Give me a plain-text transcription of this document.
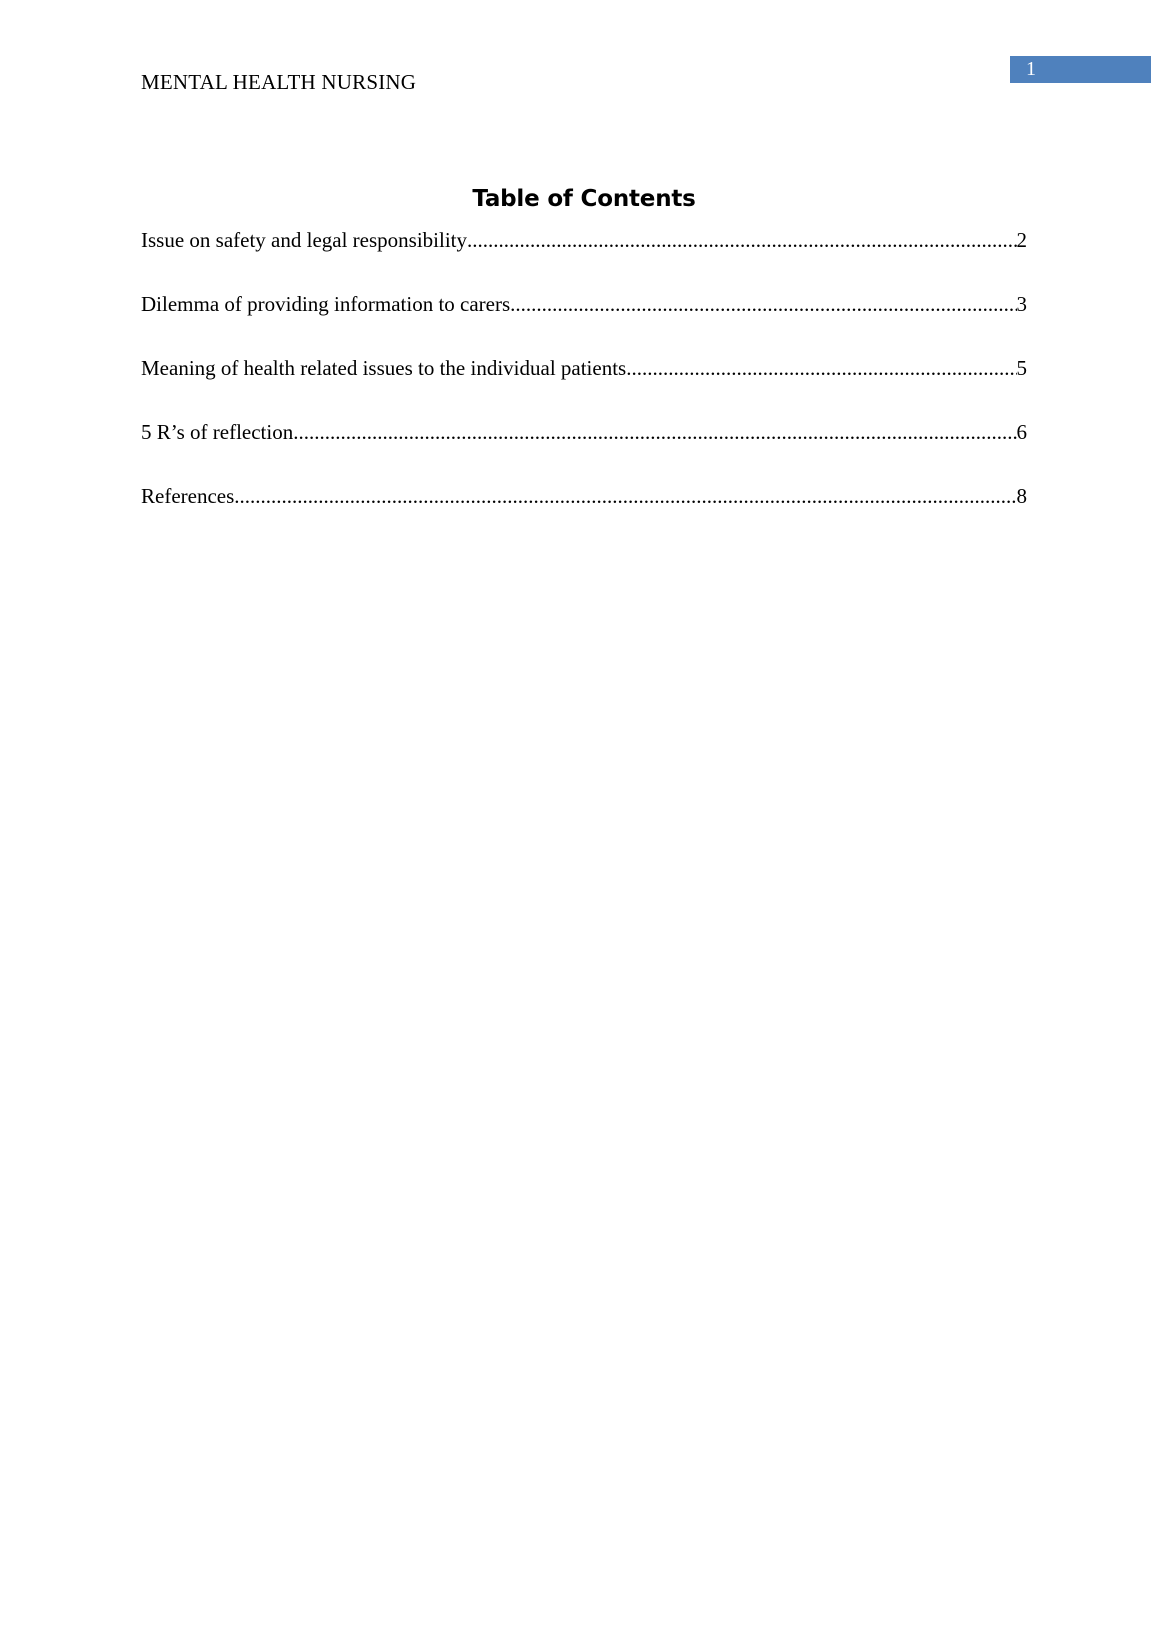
MENTAL HEALTH NURSING
1
Table of Contents
Issue on safety and legal responsibility .....	2
Dilemma of providing information to carers .....	3
Meaning of health related issues to the individual patients .....	5
5 R’s of reflection .....	6
References .....	8
